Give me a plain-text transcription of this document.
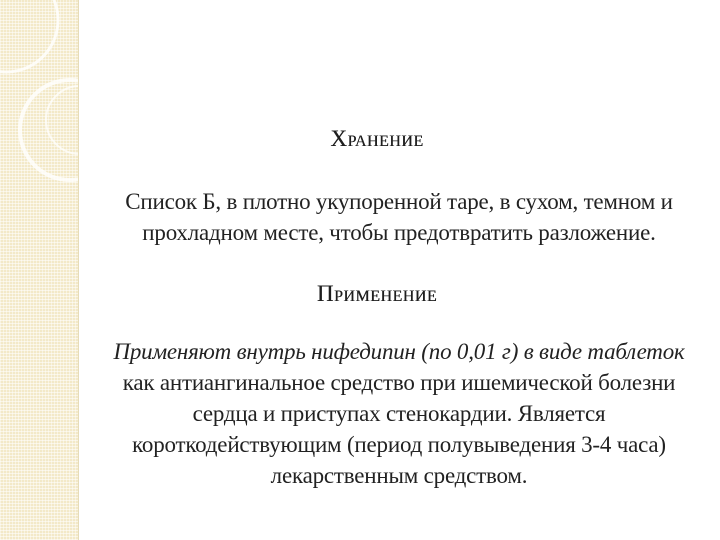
Хранение

Список Б, в плотно укупоренной таре, в сухом, темном и прохладном месте, чтобы предотвратить разложение.

Применение

Применяют внутрь нифедипин (по 0,01 г) в виде таблеток как антиангинальное средство при ишемической болезни сердца и приступах стенокардии. Является короткодействующим (период полувыведения 3-4 часа) лекарственным средством.
